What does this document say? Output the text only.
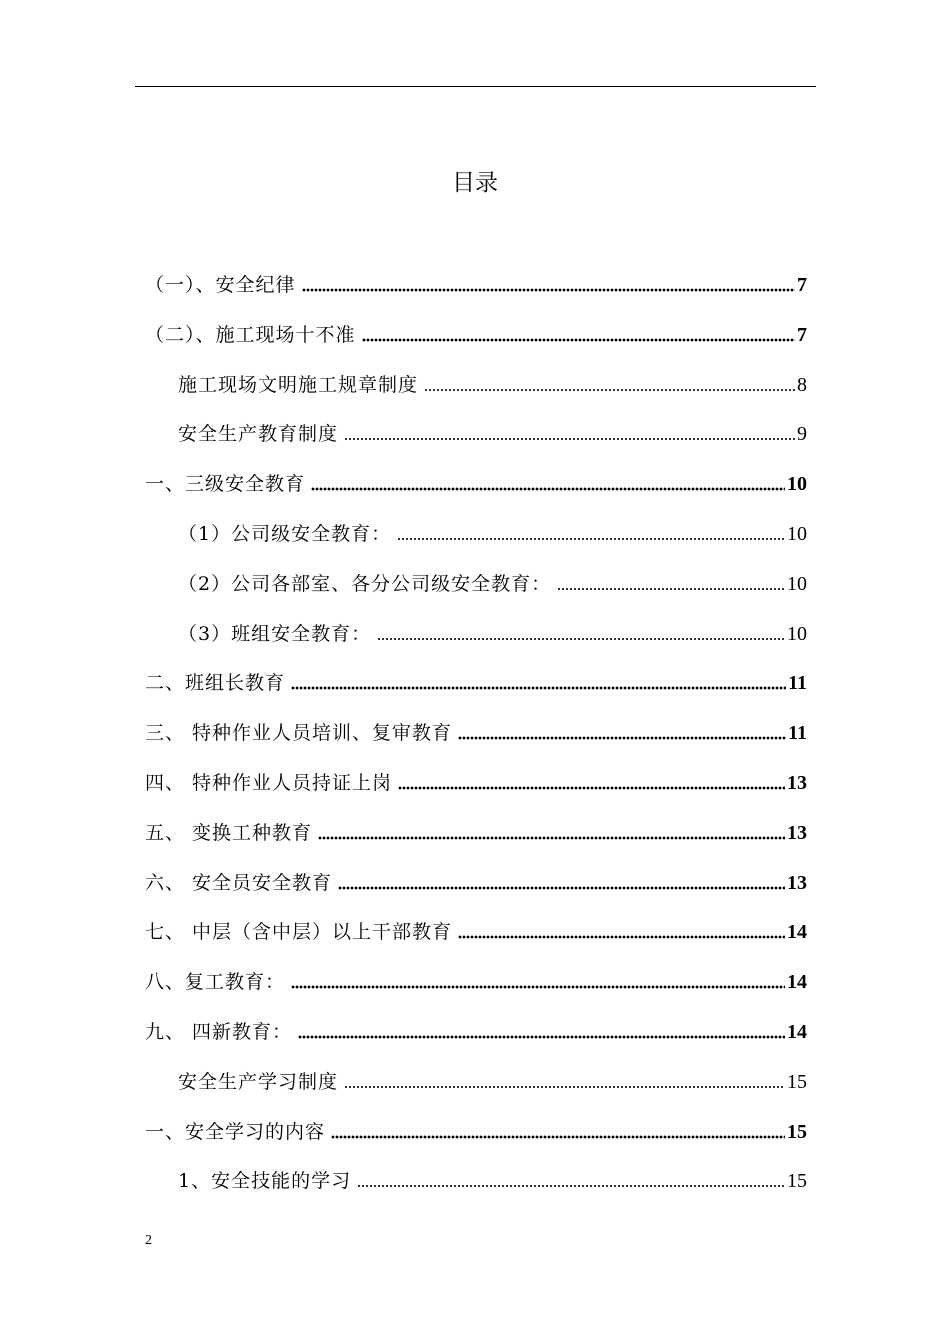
目录
（一）、安全纪律	7
（二）、施工现场十不准	7
施工现场文明施工规章制度	8
安全生产教育制度	9
一、三级安全教育	10
（1）公司级安全教育：	10
（2）公司各部室、各分公司级安全教育：	10
（3）班组安全教育：	10
二、班组长教育	11
三、 特种作业人员培训、复审教育	11
四、 特种作业人员持证上岗	13
五、 变换工种教育	13
六、 安全员安全教育	13
七、 中层（含中层）以上干部教育	14
八、复工教育：	14
九、 四新教育：	14
安全生产学习制度	15
一、安全学习的内容	15
1、安全技能的学习	15
2
